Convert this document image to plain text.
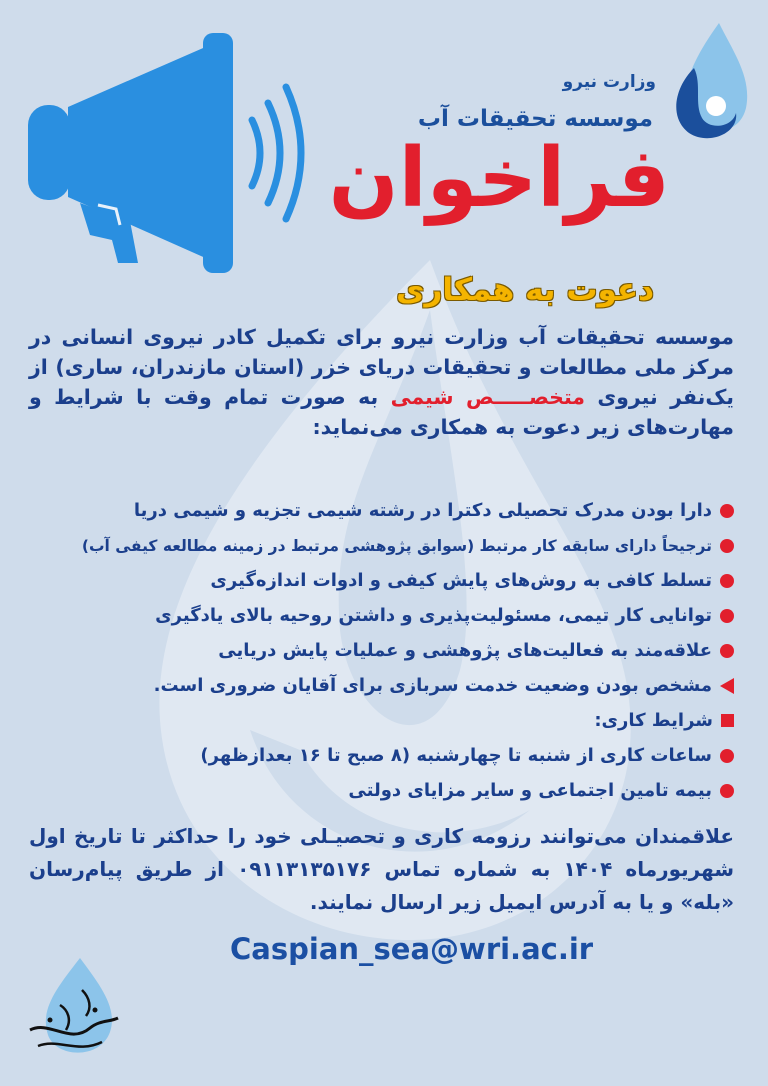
وزارت نیرو
موسسه تحقیقات آب
فراخوان
دعوت به همکاری
موسسه تحقیقات آب وزارت نیرو برای تکمیل کادر نیروی انسانی در مرکز ملی مطالعات و تحقیقات دریای خزر (استان مازندران، ساری) از یک‌نفر نیروی متخصـــــص شیمی به صورت تمام وقت با شرایط و مهارت‌های زیر دعوت به همکاری می‌نماید:
دارا بودن مدرک تحصیلی دکترا در رشته شیمی تجزیه و شیمی دریا
ترجیحاً دارای سابقه کار مرتبط (سوابق پژوهشی مرتبط در زمینه مطالعه کیفی آب)
تسلط کافی به روش‌های پایش کیفی و ادوات اندازه‌گیری
توانایی کار تیمی، مسئولیت‌پذیری و داشتن روحیه بالای یادگیری
علاقه‌مند به فعالیت‌های پژوهشی و عملیات پایش دریایی
مشخص بودن وضعیت خدمت سربازی برای آقایان ضروری است.
شرایط کاری:
ساعات کاری از شنبه تا چهارشنبه (۸ صبح تا ۱۶ بعدازظهر)
بیمه تامین اجتماعی و سایر مزایای دولتی
علاقمندان می‌توانند رزومه کاری و تحصیـلی خود را حداکثر تا تاریخ اول شهریورماه ۱۴۰۴ به شماره تماس ۰۹۱۱۳۱۳۵۱۷۶ از طریق پیام‌رسان «بله» و یا به آدرس ایمیل زیر ارسال نمایند.
Caspian_sea@wri.ac.ir
